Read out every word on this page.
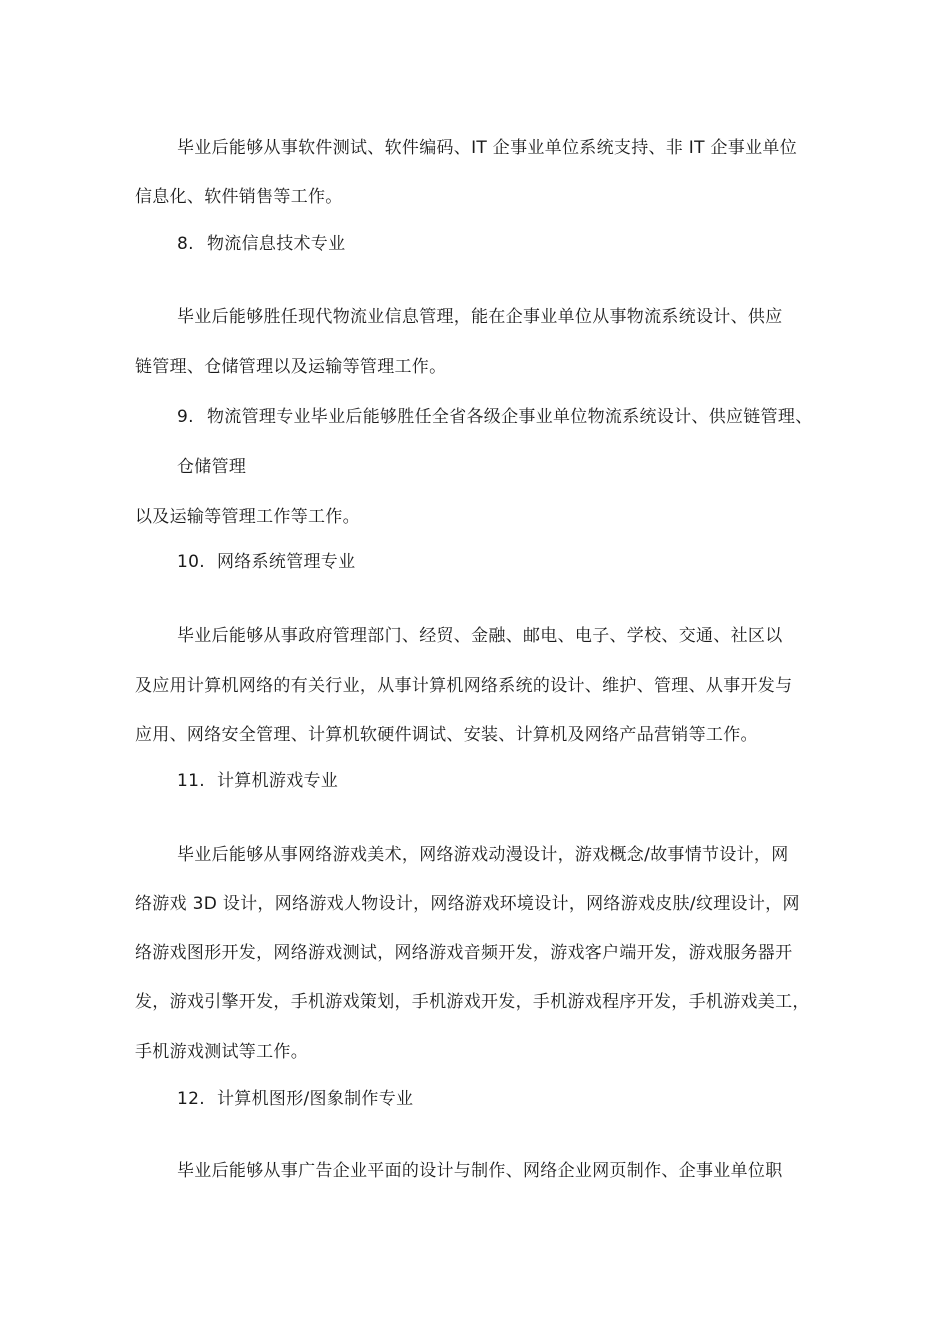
毕业后能够从事软件测试、软件编码、IT 企事业单位系统支持、非 IT 企事业单位
信息化、软件销售等工作。
8. 物流信息技术专业
毕业后能够胜任现代物流业信息管理，能在企事业单位从事物流系统设计、供应
链管理、仓储管理以及运输等管理工作。
9. 物流管理专业毕业后能够胜任全省各级企事业单位物流系统设计、供应链管理、
仓储管理
以及运输等管理工作等工作。
10. 网络系统管理专业
毕业后能够从事政府管理部门、经贸、金融、邮电、电子、学校、交通、社区以
及应用计算机网络的有关行业，从事计算机网络系统的设计、维护、管理、从事开发与
应用、网络安全管理、计算机软硬件调试、安装、计算机及网络产品营销等工作。
11. 计算机游戏专业
毕业后能够从事网络游戏美术，网络游戏动漫设计，游戏概念/故事情节设计，网
络游戏 3D 设计，网络游戏人物设计，网络游戏环境设计，网络游戏皮肤/纹理设计，网
络游戏图形开发，网络游戏测试，网络游戏音频开发，游戏客户端开发，游戏服务器开
发，游戏引擎开发，手机游戏策划，手机游戏开发，手机游戏程序开发，手机游戏美工，
手机游戏测试等工作。
12. 计算机图形/图象制作专业
毕业后能够从事广告企业平面的设计与制作、网络企业网页制作、企事业单位职
